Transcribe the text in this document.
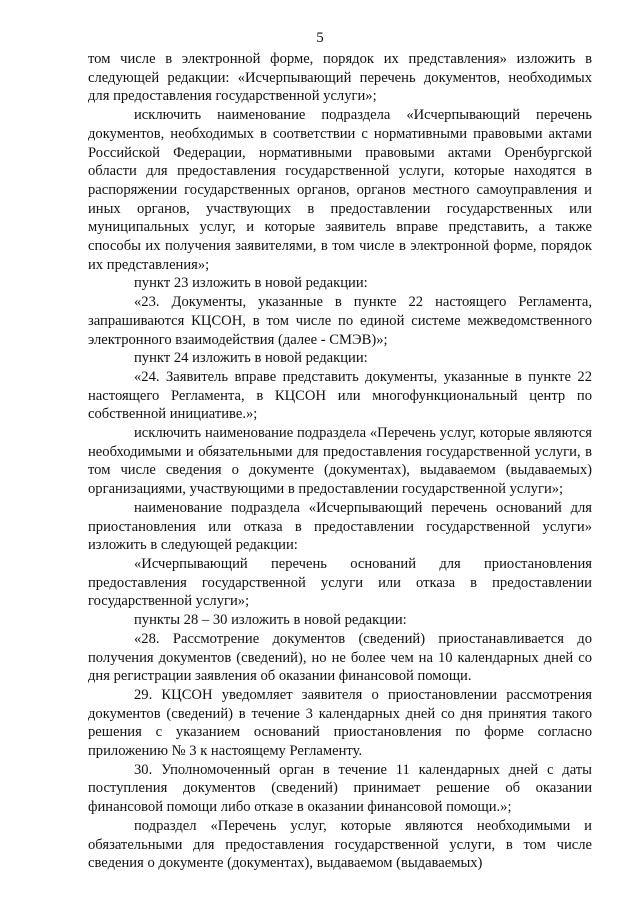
5

том числе в электронной форме, порядок их представления» изложить в следующей редакции: «Исчерпывающий перечень документов, необходимых для предоставления государственной услуги»;

исключить наименование подраздела «Исчерпывающий перечень документов, необходимых в соответствии с нормативными правовыми актами Российской Федерации, нормативными правовыми актами Оренбургской области для предоставления государственной услуги, которые находятся в распоряжении государственных органов, органов местного самоуправления и иных органов, участвующих в предоставлении государственных или муниципальных услуг, и которые заявитель вправе представить, а также способы их получения заявителями, в том числе в электронной форме, порядок их представления»;

пункт 23 изложить в новой редакции:

«23. Документы, указанные в пункте 22 настоящего Регламента, запрашиваются КЦСОН, в том числе по единой системе межведомственного электронного взаимодействия (далее - СМЭВ)»;

пункт 24 изложить в новой редакции:

«24. Заявитель вправе представить документы, указанные в пункте 22 настоящего Регламента, в КЦСОН или многофункциональный центр по собственной инициативе.»;

исключить наименование подраздела «Перечень услуг, которые являются необходимыми и обязательными для предоставления государственной услуги, в том числе сведения о документе (документах), выдаваемом (выдаваемых) организациями, участвующими в предоставлении государственной услуги»;

наименование подраздела «Исчерпывающий перечень оснований для приостановления или отказа в предоставлении государственной услуги» изложить в следующей редакции:

«Исчерпывающий перечень оснований для приостановления предоставления государственной услуги или отказа в предоставлении государственной услуги»;

пункты 28 – 30 изложить в новой редакции:

«28. Рассмотрение документов (сведений) приостанавливается до получения документов (сведений), но не более чем на 10 календарных дней со дня регистрации заявления об оказании финансовой помощи.

29. КЦСОН уведомляет заявителя о приостановлении рассмотрения документов (сведений) в течение 3 календарных дней со дня принятия такого решения с указанием оснований приостановления по форме согласно приложению № 3 к настоящему Регламенту.

30. Уполномоченный орган в течение 11 календарных дней с даты поступления документов (сведений) принимает решение об оказании финансовой помощи либо отказе в оказании финансовой помощи.»;

подраздел «Перечень услуг, которые являются необходимыми и обязательными для предоставления государственной услуги, в том числе сведения о документе (документах), выдаваемом (выдаваемых)
